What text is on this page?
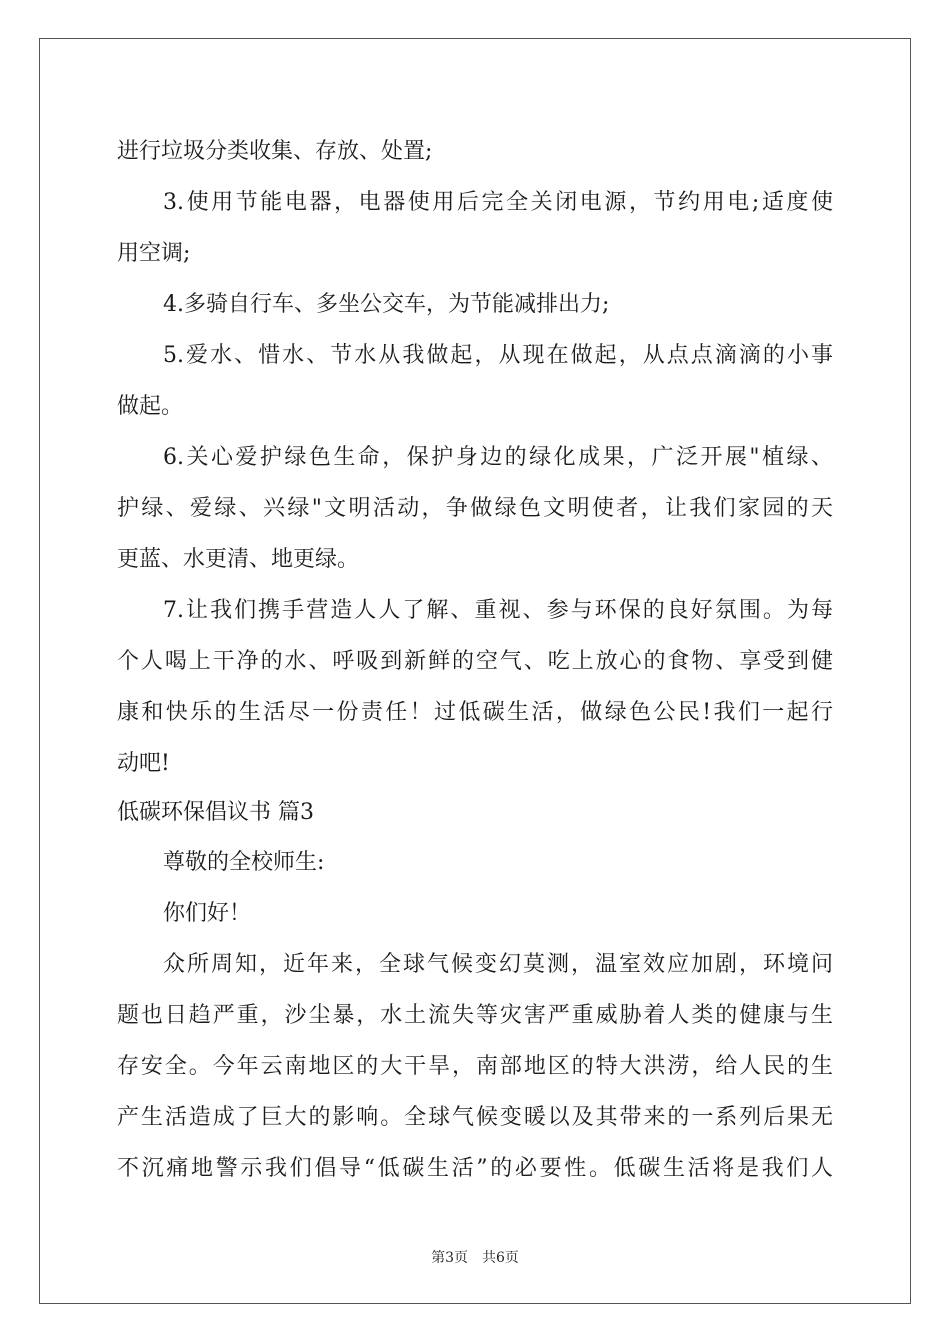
进行垃圾分类收集、存放、处置;
3.使用节能电器，电器使用后完全关闭电源，节约用电;适度使
用空调;
4.多骑自行车、多坐公交车，为节能减排出力;
5.爱水、惜水、节水从我做起，从现在做起，从点点滴滴的小事
做起。
6.关心爱护绿色生命，保护身边的绿化成果，广泛开展"植绿、
护绿、爱绿、兴绿"文明活动，争做绿色文明使者，让我们家园的天
更蓝、水更清、地更绿。
7.让我们携手营造人人了解、重视、参与环保的良好氛围。为每
个人喝上干净的水、呼吸到新鲜的空气、吃上放心的食物、享受到健
康和快乐的生活尽一份责任！过低碳生活，做绿色公民!我们一起行
动吧!
低碳环保倡议书 篇3
尊敬的全校师生:
你们好！
众所周知，近年来，全球气候变幻莫测，温室效应加剧，环境问
题也日趋严重，沙尘暴，水土流失等灾害严重威胁着人类的健康与生
存安全。今年云南地区的大干旱，南部地区的特大洪涝，给人民的生
产生活造成了巨大的影响。全球气候变暖以及其带来的一系列后果无
不沉痛地警示我们倡导“低碳生活”的必要性。低碳生活将是我们人
第3页 共6页
